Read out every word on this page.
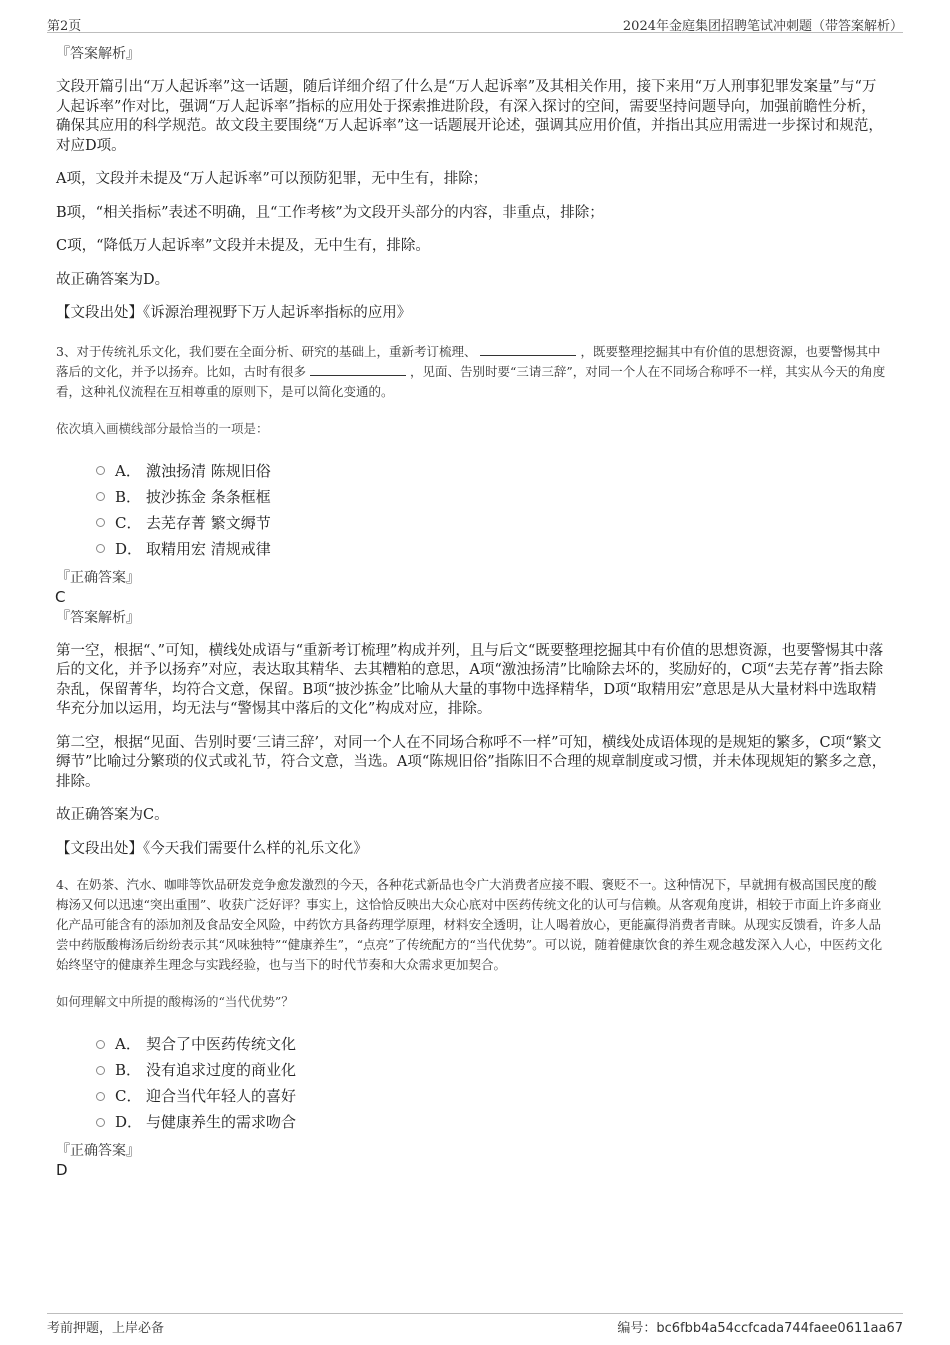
第2页	2024年金庭集团招聘笔试冲刺题（带答案解析）
『答案解析』

文段开篇引出“万人起诉率”这一话题，随后详细介绍了什么是“万人起诉率”及其相关作用，接下来用“万人刑事犯罪发案量”与“万人起诉率”作对比，强调“万人起诉率”指标的应用处于探索推进阶段，有深入探讨的空间，需要坚持问题导向，加强前瞻性分析，确保其应用的科学规范。故文段主要围绕“万人起诉率”这一话题展开论述，强调其应用价值，并指出其应用需进一步探讨和规范，对应D项。

A项，文段并未提及“万人起诉率”可以预防犯罪，无中生有，排除；

B项，“相关指标”表述不明确，且“工作考核”为文段开头部分的内容，非重点，排除；

C项，“降低万人起诉率”文段并未提及，无中生有，排除。

故正确答案为D。

【文段出处】《诉源治理视野下万人起诉率指标的应用》

3、对于传统礼乐文化，我们要在全面分析、研究的基础上，重新考订梳理、	，既要整理挖掘其中有价值的思想资源，也要警惕其中落后的文化，并予以扬弃。比如，古时有很多	，见面、告别时要“三请三辞”，对同一个人在不同场合称呼不一样，其实从今天的角度看，这种礼仪流程在互相尊重的原则下，是可以简化变通的。

依次填入画横线部分最恰当的一项是：

A． 激浊扬清 陈规旧俗
B． 披沙拣金 条条框框
C． 去芜存菁 繁文缛节
D． 取精用宏 清规戒律
『正确答案』

C

『答案解析』

第一空，根据“、”可知，横线处成语与“重新考订梳理”构成并列，且与后文“既要整理挖掘其中有价值的思想资源，也要警惕其中落后的文化，并予以扬弃”对应，表达取其精华、去其糟粕的意思，A项“激浊扬清”比喻除去坏的，奖励好的，C项“去芜存菁”指去除杂乱，保留菁华，均符合文意，保留。B项“披沙拣金”比喻从大量的事物中选择精华，D项“取精用宏”意思是从大量材料中选取精华充分加以运用，均无法与“警惕其中落后的文化”构成对应，排除。

第二空，根据“见面、告别时要‘三请三辞’，对同一个人在不同场合称呼不一样”可知，横线处成语体现的是规矩的繁多，C项“繁文缛节”比喻过分繁琐的仪式或礼节，符合文意，当选。A项“陈规旧俗”指陈旧不合理的规章制度或习惯，并未体现规矩的繁多之意，排除。

故正确答案为C。

【文段出处】《今天我们需要什么样的礼乐文化》

4、在奶茶、汽水、咖啡等饮品研发竞争愈发激烈的今天，各种花式新品也令广大消费者应接不暇、褒贬不一。这种情况下，早就拥有极高国民度的酸梅汤又何以迅速“突出重围”、收获广泛好评？事实上，这恰恰反映出大众心底对中医药传统文化的认可与信赖。从客观角度讲，相较于市面上许多商业化产品可能含有的添加剂及食品安全风险，中药饮方具备药理学原理，材料安全透明，让人喝着放心，更能赢得消费者青睐。从现实反馈看，许多人品尝中药版酸梅汤后纷纷表示其“风味独特”“健康养生”，“点亮”了传统配方的“当代优势”。可以说，随着健康饮食的养生观念越发深入人心，中医药文化始终坚守的健康养生理念与实践经验，也与当下的时代节奏和大众需求更加契合。

如何理解文中所提的酸梅汤的“当代优势”？

A． 契合了中医药传统文化
B． 没有追求过度的商业化
C． 迎合当代年轻人的喜好
D． 与健康养生的需求吻合
『正确答案』

D

考前押题，上岸必备	编号：bc6fbb4a54ccfcada744faee0611aa67
